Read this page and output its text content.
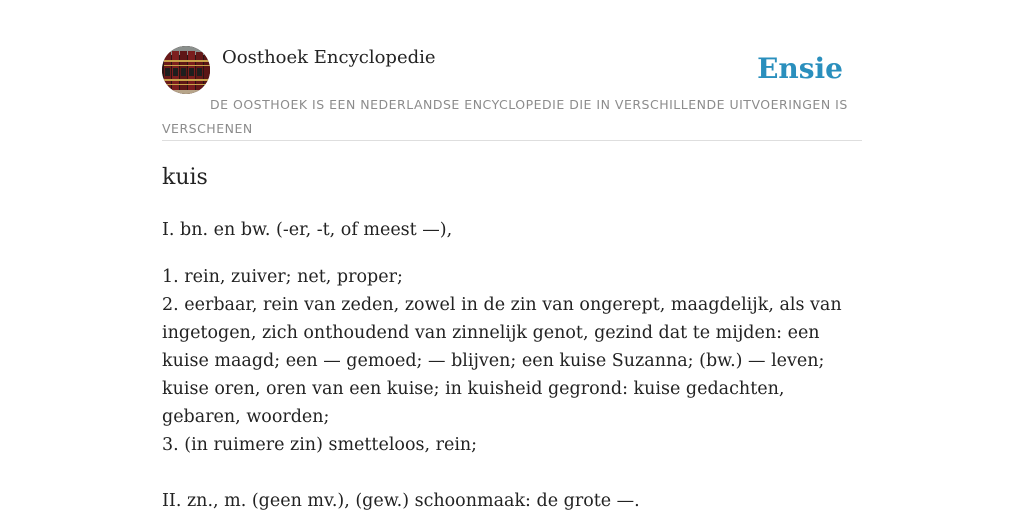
Oosthoek Encyclopedie	Ensie
DE OOSTHOEK IS EEN NEDERLANDSE ENCYCLOPEDIE DIE IN VERSCHILLENDE UITVOERINGEN IS VERSCHENEN
kuis

I. bn. en bw. (-er, -t, of meest —),

1. rein, zuiver; net, proper;
2. eerbaar, rein van zeden, zowel in de zin van ongerept, maagdelijk, als van ingetogen, zich onthoudend van zinnelijk genot, gezind dat te mijden: een kuise maagd; een — gemoed; — blijven; een kuise Suzanna; (bw.) — leven; kuise oren, oren van een kuise; in kuisheid gegrond: kuise gedachten, gebaren, woorden;
3. (in ruimere zin) smetteloos, rein;

II. zn., m. (geen mv.), (gew.) schoonmaak: de grote —.
